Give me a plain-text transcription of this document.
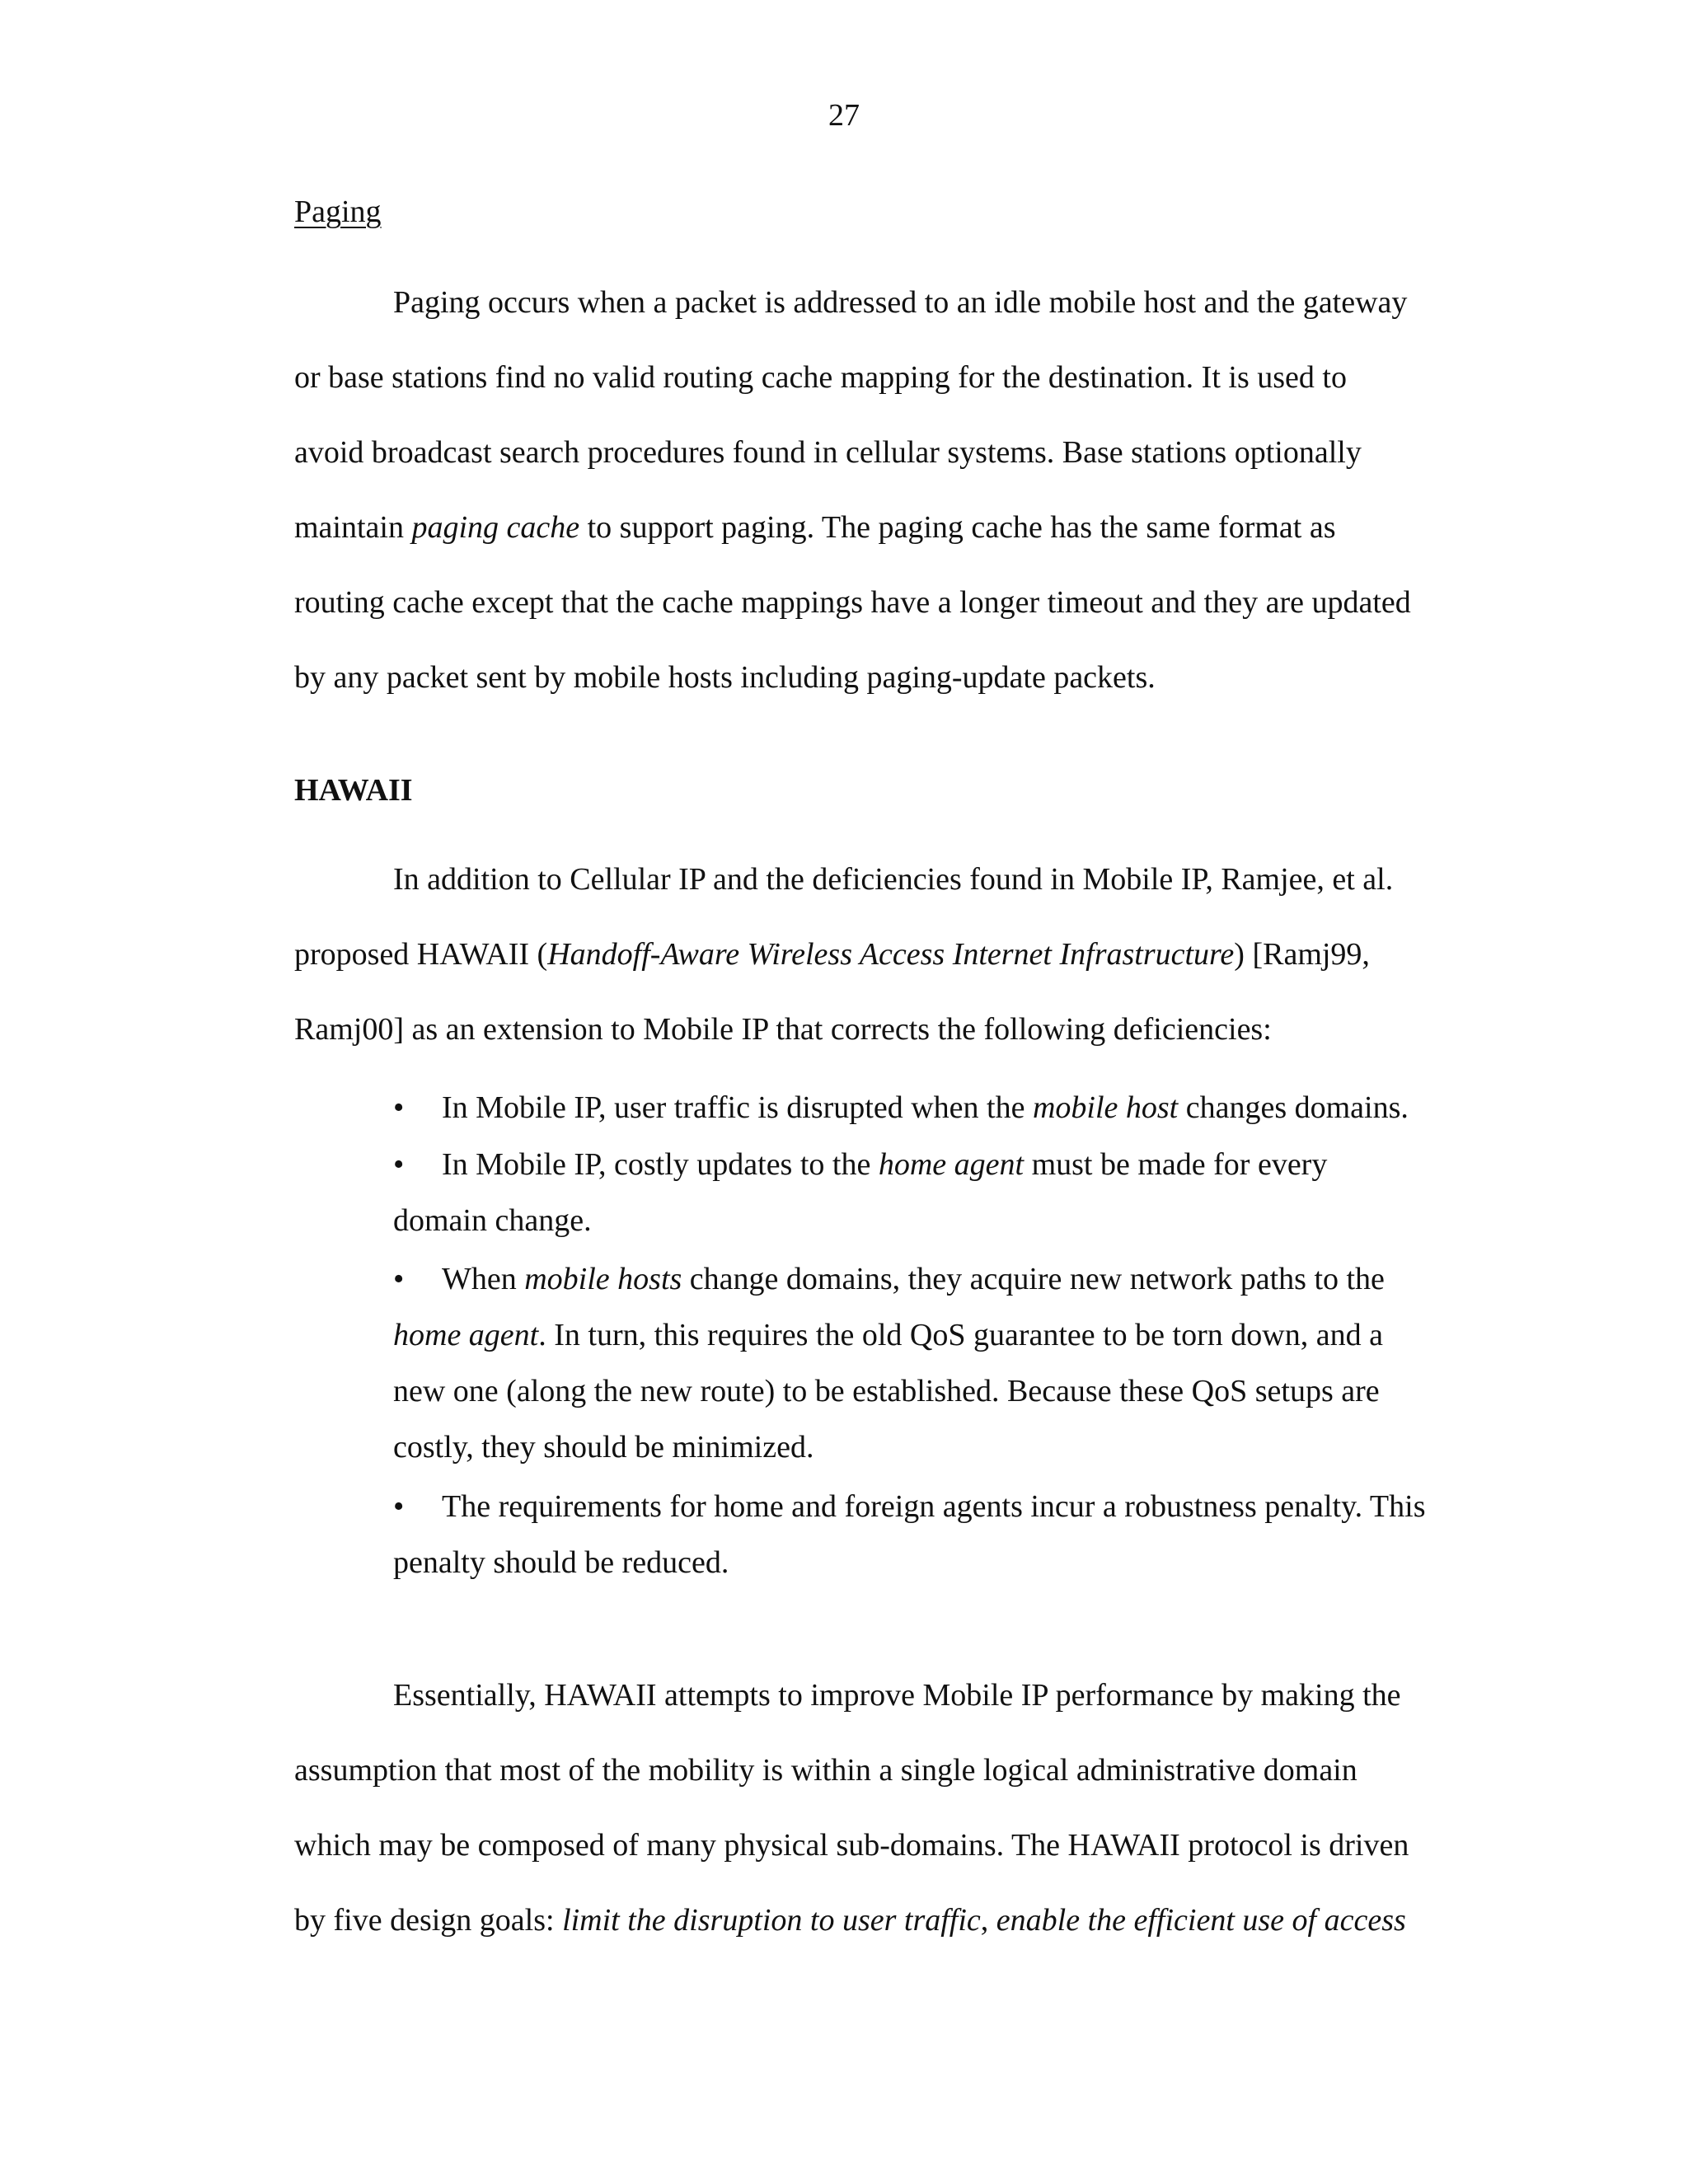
27
Paging
Paging occurs when a packet is addressed to an idle mobile host and the gateway
or base stations find no valid routing cache mapping for the destination. It is used to
avoid broadcast search procedures found in cellular systems. Base stations optionally
maintain paging cache to support paging. The paging cache has the same format as
routing cache except that the cache mappings have a longer timeout and they are updated
by any packet sent by mobile hosts including paging-update packets.
HAWAII
In addition to Cellular IP and the deficiencies found in Mobile IP, Ramjee, et al.
proposed HAWAII (Handoff-Aware Wireless Access Internet Infrastructure) [Ramj99,
Ramj00] as an extension to Mobile IP that corrects the following deficiencies:
• In Mobile IP, user traffic is disrupted when the mobile host changes domains.
• In Mobile IP, costly updates to the home agent must be made for every
domain change.
• When mobile hosts change domains, they acquire new network paths to the
home agent. In turn, this requires the old QoS guarantee to be torn down, and a
new one (along the new route) to be established. Because these QoS setups are
costly, they should be minimized.
• The requirements for home and foreign agents incur a robustness penalty. This
penalty should be reduced.
Essentially, HAWAII attempts to improve Mobile IP performance by making the
assumption that most of the mobility is within a single logical administrative domain
which may be composed of many physical sub-domains. The HAWAII protocol is driven
by five design goals: limit the disruption to user traffic, enable the efficient use of access
